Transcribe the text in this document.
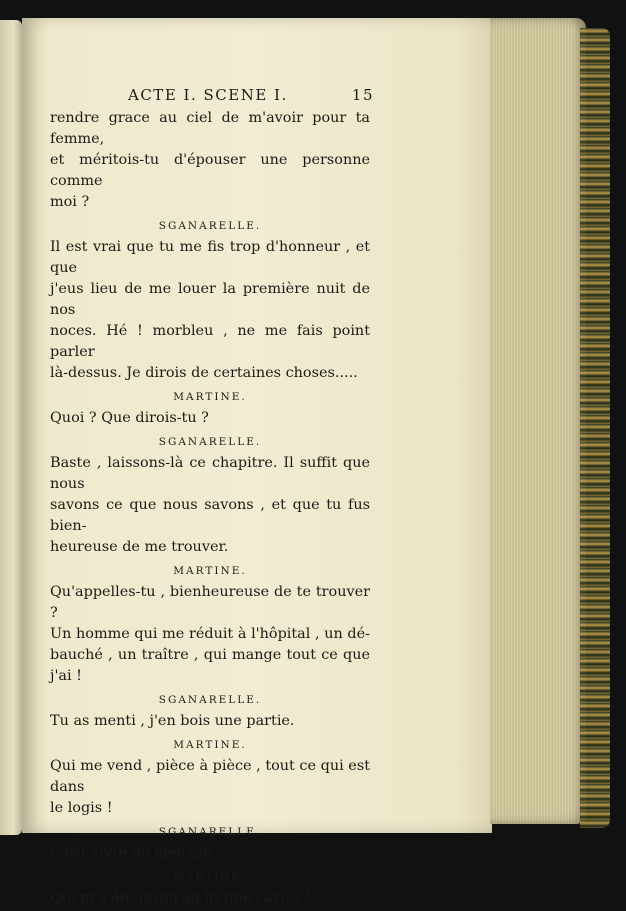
ACTE I. SCENE I.	15
rendre grace au ciel de m'avoir pour ta femme,
et méritois-tu d'épouser une personne comme
moi ?
SGANARELLE.
Il est vrai que tu me fis trop d'honneur , et que
j'eus lieu de me louer la première nuit de nos
noces. Hé ! morbleu , ne me fais point parler
là-dessus. Je dirois de certaines choses.....
MARTINE.
Quoi ? Que dirois-tu ?
SGANARELLE.
Baste , laissons-là ce chapitre. Il suffit que nous
savons ce que nous savons , et que tu fus bien-
heureuse de me trouver.
MARTINE.
Qu'appelles-tu , bienheureuse de te trouver ?
Un homme qui me réduit à l'hôpital , un dé-
bauché , un traître , qui mange tout ce que j'ai !
SGANARELLE.
Tu as menti , j'en bois une partie.
MARTINE.
Qui me vend , pièce à pièce , tout ce qui est dans
le logis !
SGANARELLE.
C'est vivre de ménage.
MARTINE.
Qui m'a ôté jusqu'au lit que j'avois !
